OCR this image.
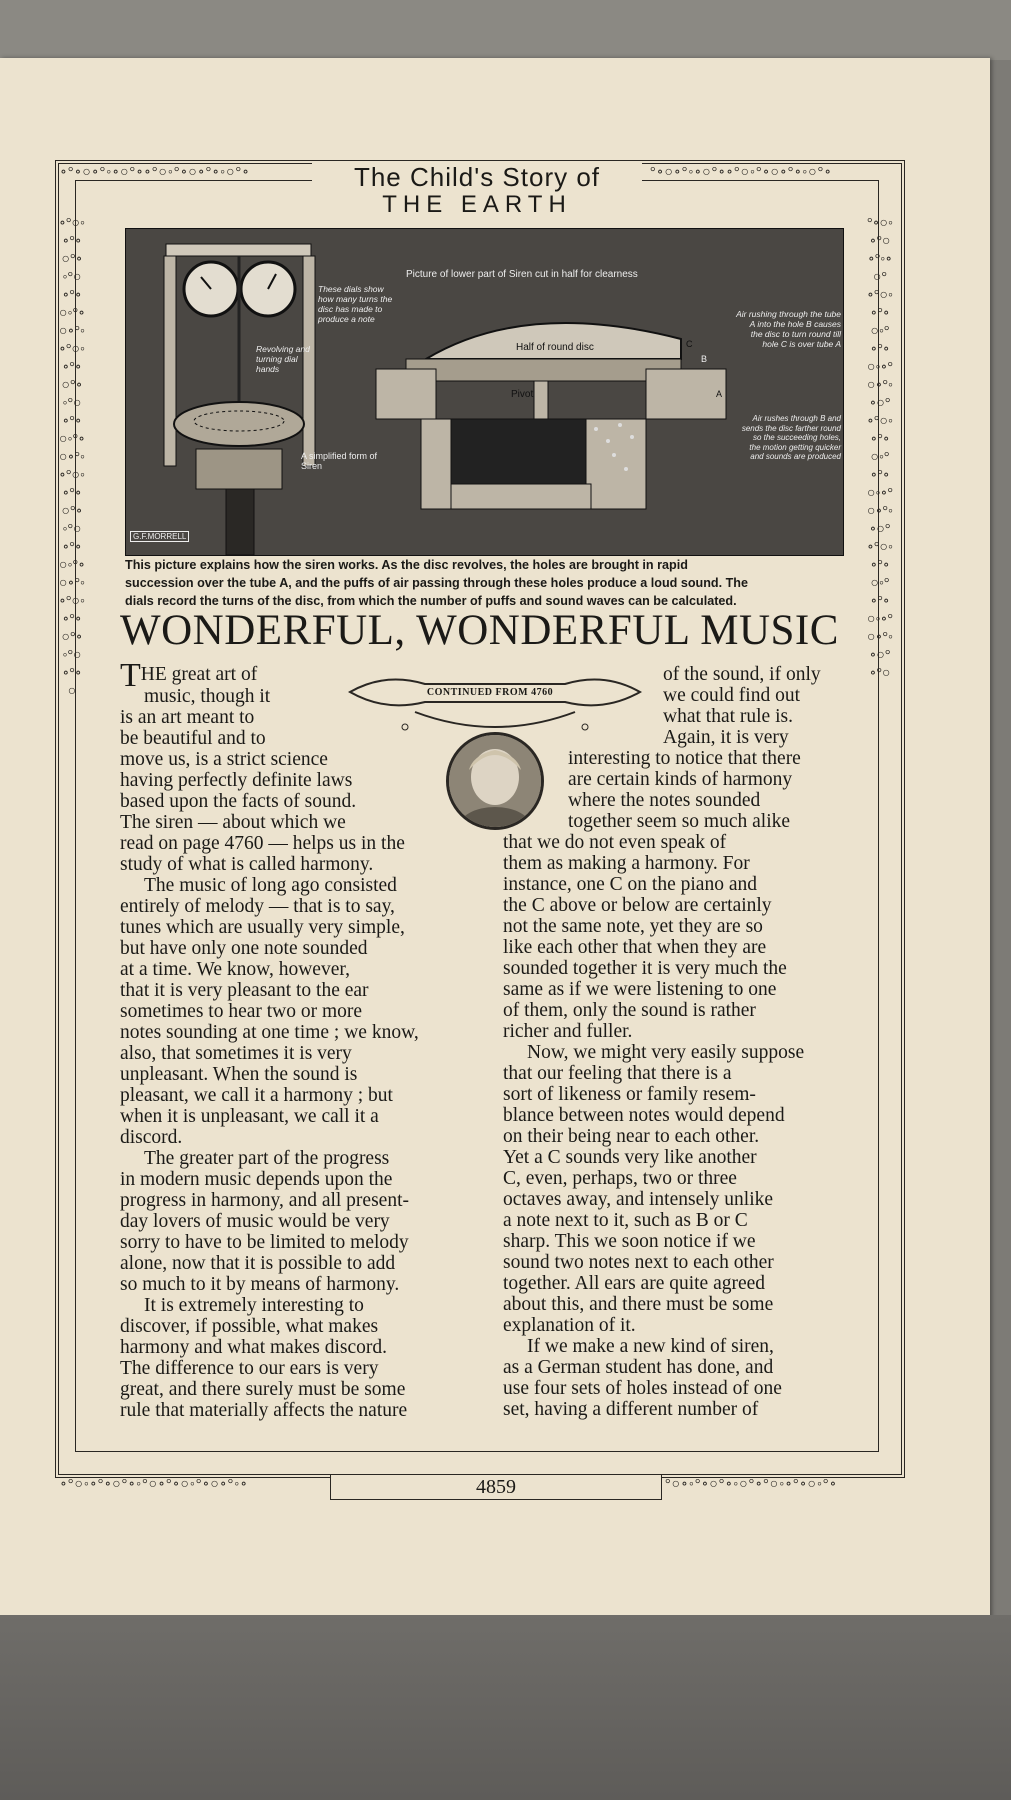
∘°∘○∘°◦∘○°∘∘°○◦°∘○∘°∘◦○°∘	°∘○∘°◦∘○°∘∘°○◦°∘○∘°∘◦○°∘
∘°○◦∘°∘○°∘◦°○∘°∘○◦°∘○∘°◦∘	°○∘◦°∘○°∘◦○°∘°○◦∘°∘○◦°∘
∘°○◦∘°∘○°∘◦°○∘°∘○◦°∘○∘°◦∘°○◦∘°∘○°∘◦°○∘°∘○◦°∘○∘°◦∘°○◦∘°∘○°∘◦°○∘°∘○◦°∘○∘°◦∘°○◦∘°∘○°∘◦°○∘°∘○
°∘○◦∘°○∘°◦∘○°∘°○◦∘°∘○◦°∘°∘○◦∘°○∘°◦∘○°∘°○◦∘°∘○◦°∘°∘○◦∘°○∘°◦∘○°∘°○◦∘°∘○◦°∘°∘○◦∘°○∘°◦∘○°∘°○
The Child's Story of
THE EARTH
Picture of lower part of Siren cut in half for clearness
These dials show how many turns the disc has made to produce a note
Revolving and turning dial hands
Half of round disc
Pivot
A simplified form of Siren
Air rushing through the tube A into the hole B causes the disc to turn round till hole C is over tube A
Air rushes through B and sends the disc farther round so the succeeding holes, the motion getting quicker and sounds are produced
G.F.MORRELL
A
C
B
This picture explains how the siren works. As the disc revolves, the holes are brought in rapid
succession over the tube A, and the puffs of air passing through these holes produce a loud sound. The
dials record the turns of the disc, from which the number of puffs and sound waves can be calculated.
WONDERFUL, WONDERFUL MUSIC
CONTINUED FROM 4760
THE great art of
music, though it
is an art meant to
be beautiful and to
move us, is a strict science
having perfectly definite laws
based upon the facts of sound.
The siren — about which we
read on page 4760 — helps us in the
study of what is called harmony.
The music of long ago consisted
entirely of melody — that is to say,
tunes which are usually very simple,
but have only one note sounded
at a time. We know, however,
that it is very pleasant to the ear
sometimes to hear two or more
notes sounding at one time ; we know,
also, that sometimes it is very
unpleasant. When the sound is
pleasant, we call it a harmony ; but
when it is unpleasant, we call it a
discord.
The greater part of the progress
in modern music depends upon the
progress in harmony, and all present-
day lovers of music would be very
sorry to have to be limited to melody
alone, now that it is possible to add
so much to it by means of harmony.
It is extremely interesting to
discover, if possible, what makes
harmony and what makes discord.
The difference to our ears is very
great, and there surely must be some
rule that materially affects the nature
of the sound, if only
we could find out
what that rule is.
Again, it is very
interesting to notice that there
are certain kinds of harmony
where the notes sounded
together seem so much alike
that we do not even speak of
them as making a harmony. For
instance, one C on the piano and
the C above or below are certainly
not the same note, yet they are so
like each other that when they are
sounded together it is very much the
same as if we were listening to one
of them, only the sound is rather
richer and fuller.
Now, we might very easily suppose
that our feeling that there is a
sort of likeness or family resem-
blance between notes would depend
on their being near to each other.
Yet a C sounds very like another
C, even, perhaps, two or three
octaves away, and intensely unlike
a note next to it, such as B or C
sharp. This we soon notice if we
sound two notes next to each other
together. All ears are quite agreed
about this, and there must be some
explanation of it.
If we make a new kind of siren,
as a German student has done, and
use four sets of holes instead of one
set, having a different number of
4859
